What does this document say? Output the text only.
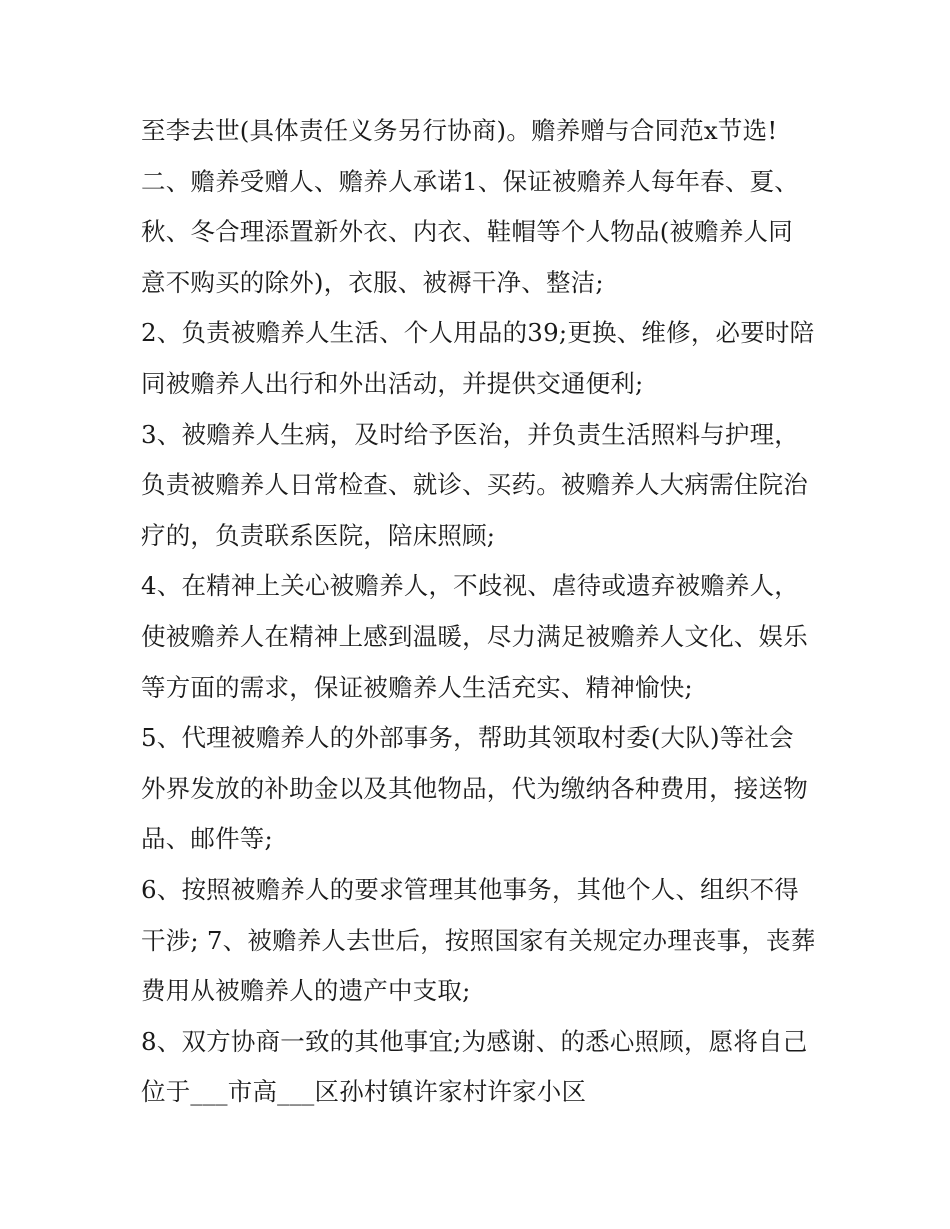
至李去世(具体责任义务另行协商)。赡养赠与合同范x节选!
二、赡养受赠人、赡养人承诺1、保证被赡养人每年春、夏、
秋、冬合理添置新外衣、内衣、鞋帽等个人物品(被赡养人同
意不购买的除外)，衣服、被褥干净、整洁;
2、负责被赡养人生活、个人用品的39;更换、维修，必要时陪
同被赡养人出行和外出活动，并提供交通便利;
3、被赡养人生病，及时给予医治，并负责生活照料与护理，
负责被赡养人日常检查、就诊、买药。被赡养人大病需住院治
疗的，负责联系医院，陪床照顾;
4、在精神上关心被赡养人，不歧视、虐待或遗弃被赡养人，
使被赡养人在精神上感到温暖，尽力满足被赡养人文化、娱乐
等方面的需求，保证被赡养人生活充实、精神愉快;
5、代理被赡养人的外部事务，帮助其领取村委(大队)等社会
外界发放的补助金以及其他物品，代为缴纳各种费用，接送物
品、邮件等;
6、按照被赡养人的要求管理其他事务，其他个人、组织不得
干涉; 7、被赡养人去世后，按照国家有关规定办理丧事，丧葬
费用从被赡养人的遗产中支取;
8、双方协商一致的其他事宜;为感谢、的悉心照顾，愿将自己
位于___市高___区孙村镇许家村许家小区
